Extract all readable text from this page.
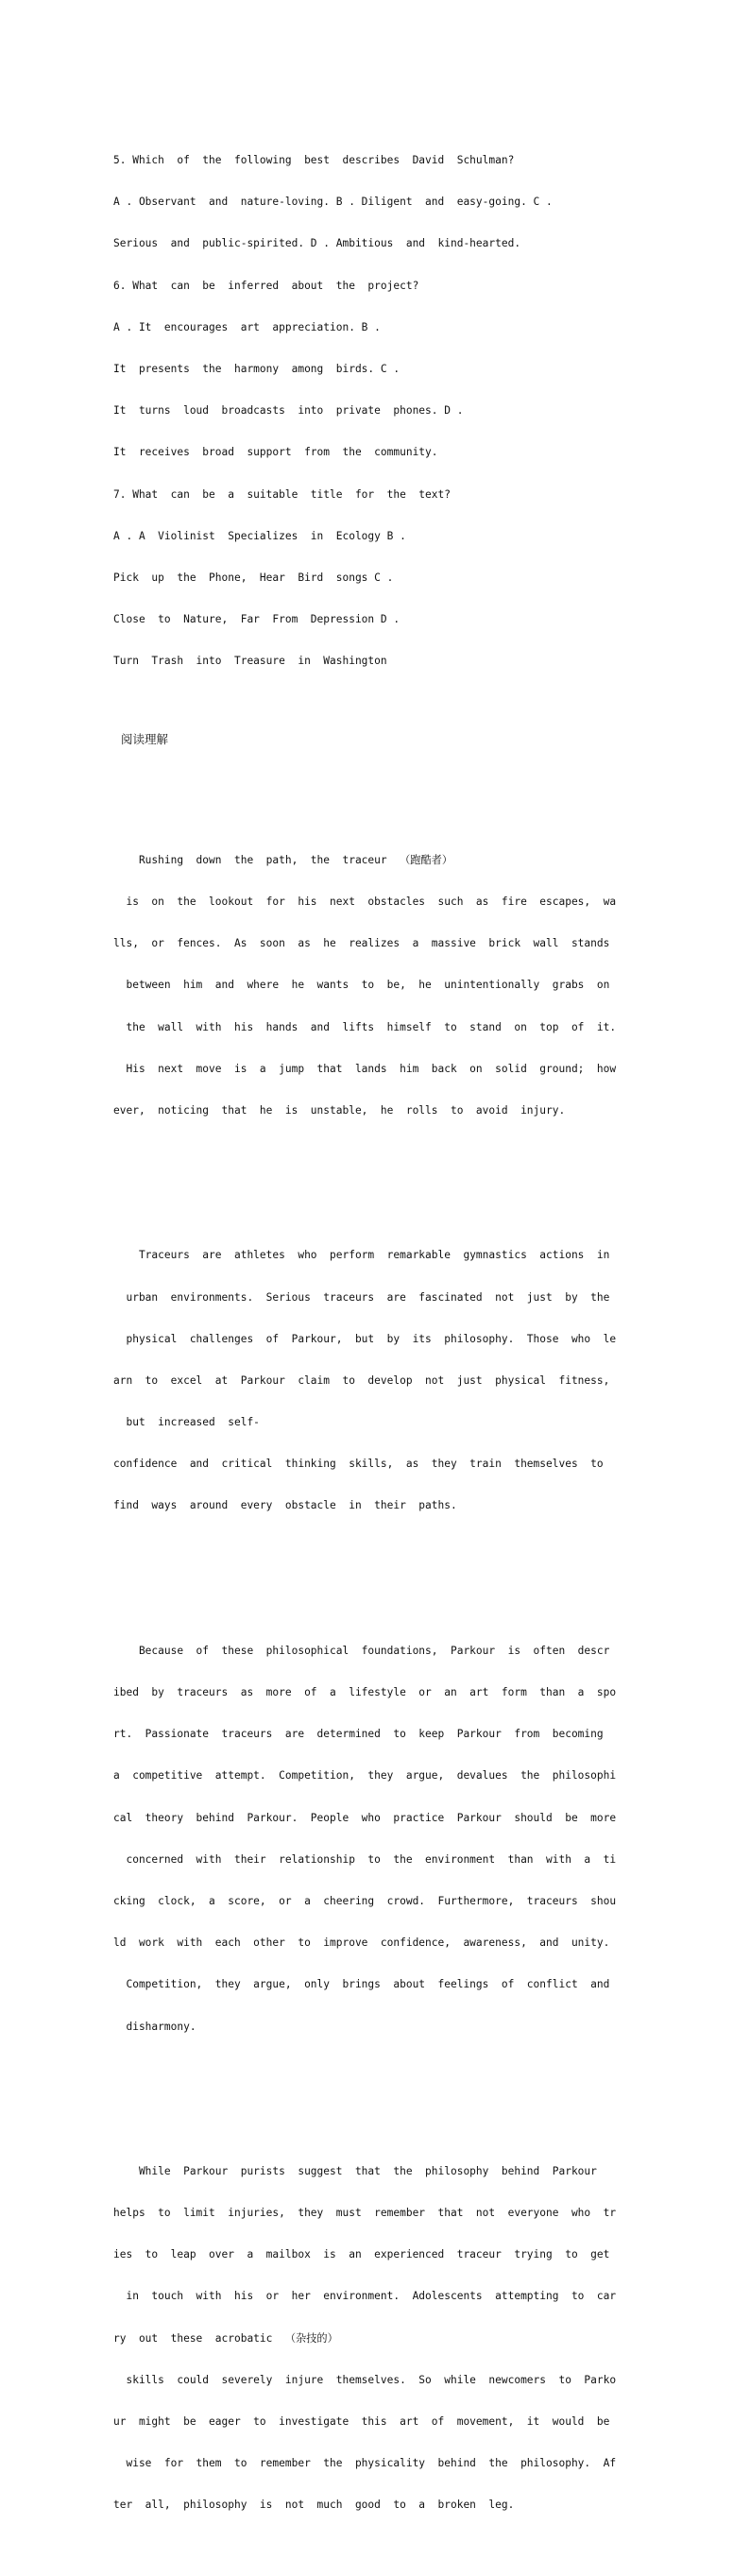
5. Which  of  the  following  best  describes  David  Schulman?

A . Observant  and  nature-loving. B . Diligent  and  easy-going. C .

Serious  and  public-spirited. D . Ambitious  and  kind-hearted.

6. What  can  be  inferred  about  the  project?

A . It  encourages  art  appreciation. B .

It  presents  the  harmony  among  birds. C .

It  turns  loud  broadcasts  into  private  phones. D .

It  receives  broad  support  from  the  community.

7. What  can  be  a  suitable  title  for  the  text?

A . A  Violinist  Specializes  in  Ecology B .

Pick  up  the  Phone,  Hear  Bird  songs C .

Close  to  Nature,  Far  From  Depression D .

Turn  Trash  into  Treasure  in  Washington

阅读理解

Rushing  down  the  path,  the  traceur  （跑酷者）

is  on  the  lookout  for  his  next  obstacles  such  as  fire  escapes,  wa

lls,  or  fences.  As  soon  as  he  realizes  a  massive  brick  wall  stands

between  him  and  where  he  wants  to  be,  he  unintentionally  grabs  on

the  wall  with  his  hands  and  lifts  himself  to  stand  on  top  of  it.

His  next  move  is  a  jump  that  lands  him  back  on  solid  ground;  how

ever,  noticing  that  he  is  unstable,  he  rolls  to  avoid  injury.

Traceurs  are  athletes  who  perform  remarkable  gymnastics  actions  in

urban  environments.  Serious  traceurs  are  fascinated  not  just  by  the

physical  challenges  of  Parkour,  but  by  its  philosophy.  Those  who  le

arn  to  excel  at  Parkour  claim  to  develop  not  just  physical  fitness,

but  increased  self-

confidence  and  critical  thinking  skills,  as  they  train  themselves  to

find  ways  around  every  obstacle  in  their  paths.

Because  of  these  philosophical  foundations,  Parkour  is  often  descr

ibed  by  traceurs  as  more  of  a  lifestyle  or  an  art  form  than  a  spo

rt.  Passionate  traceurs  are  determined  to  keep  Parkour  from  becoming

a  competitive  attempt.  Competition,  they  argue,  devalues  the  philosophi

cal  theory  behind  Parkour.  People  who  practice  Parkour  should  be  more

concerned  with  their  relationship  to  the  environment  than  with  a  ti

cking  clock,  a  score,  or  a  cheering  crowd.  Furthermore,  traceurs  shou

ld  work  with  each  other  to  improve  confidence,  awareness,  and  unity.

Competition,  they  argue,  only  brings  about  feelings  of  conflict  and

disharmony.

While  Parkour  purists  suggest  that  the  philosophy  behind  Parkour

helps  to  limit  injuries,  they  must  remember  that  not  everyone  who  tr

ies  to  leap  over  a  mailbox  is  an  experienced  traceur  trying  to  get

in  touch  with  his  or  her  environment.  Adolescents  attempting  to  car

ry  out  these  acrobatic  （杂技的）

skills  could  severely  injure  themselves.  So  while  newcomers  to  Parko

ur  might  be  eager  to  investigate  this  art  of  movement,  it  would  be

wise  for  them  to  remember  the  physicality  behind  the  philosophy.  Af

ter  all,  philosophy  is  not  much  good  to  a  broken  leg.
